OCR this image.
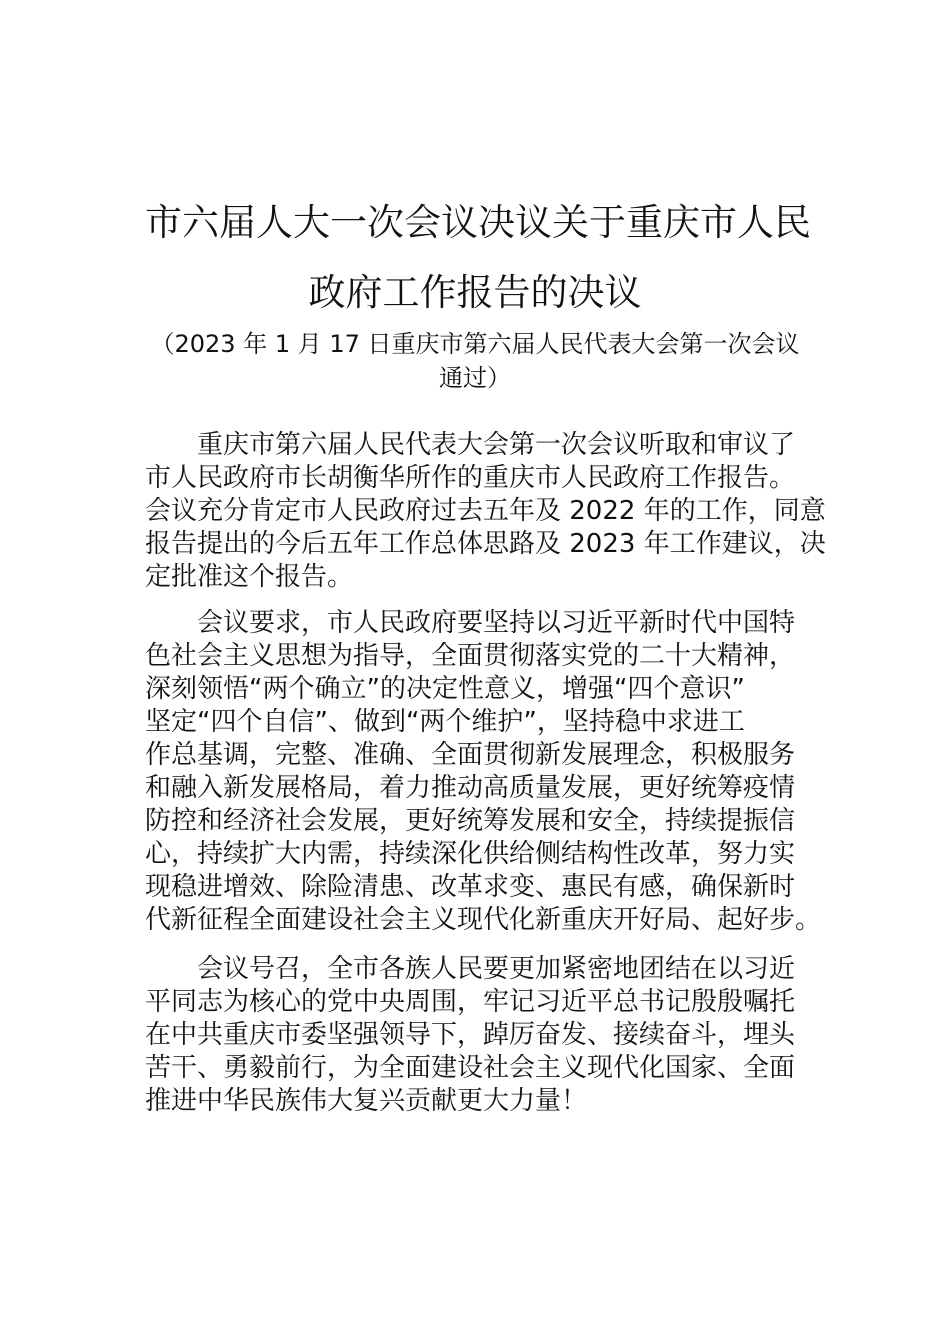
市六届人大一次会议决议关于重庆市人民
政府工作报告的决议

（2023 年 1 月 17 日重庆市第六届人民代表大会第一次会议

通过）

重庆市第六届人民代表大会第一次会议听取和审议了
市人民政府市长胡衡华所作的重庆市人民政府工作报告。
会议充分肯定市人民政府过去五年及 2022 年的工作，同意
报告提出的今后五年工作总体思路及 2023 年工作建议，决
定批准这个报告。
会议要求，市人民政府要坚持以习近平新时代中国特
色社会主义思想为指导，全面贯彻落实党的二十大精神，
深刻领悟“两个确立”的决定性意义，增强“四个意识”
坚定“四个自信”、做到“两个维护”，坚持稳中求进工
作总基调，完整、准确、全面贯彻新发展理念，积极服务
和融入新发展格局，着力推动高质量发展，更好统筹疫情
防控和经济社会发展，更好统筹发展和安全，持续提振信
心，持续扩大内需，持续深化供给侧结构性改革，努力实
现稳进增效、除险清患、改革求变、惠民有感，确保新时
代新征程全面建设社会主义现代化新重庆开好局、起好步。
会议号召，全市各族人民要更加紧密地团结在以习近
平同志为核心的党中央周围，牢记习近平总书记殷殷嘱托
在中共重庆市委坚强领导下，踔厉奋发、接续奋斗，埋头
苦干、勇毅前行，为全面建设社会主义现代化国家、全面
推进中华民族伟大复兴贡献更大力量！
